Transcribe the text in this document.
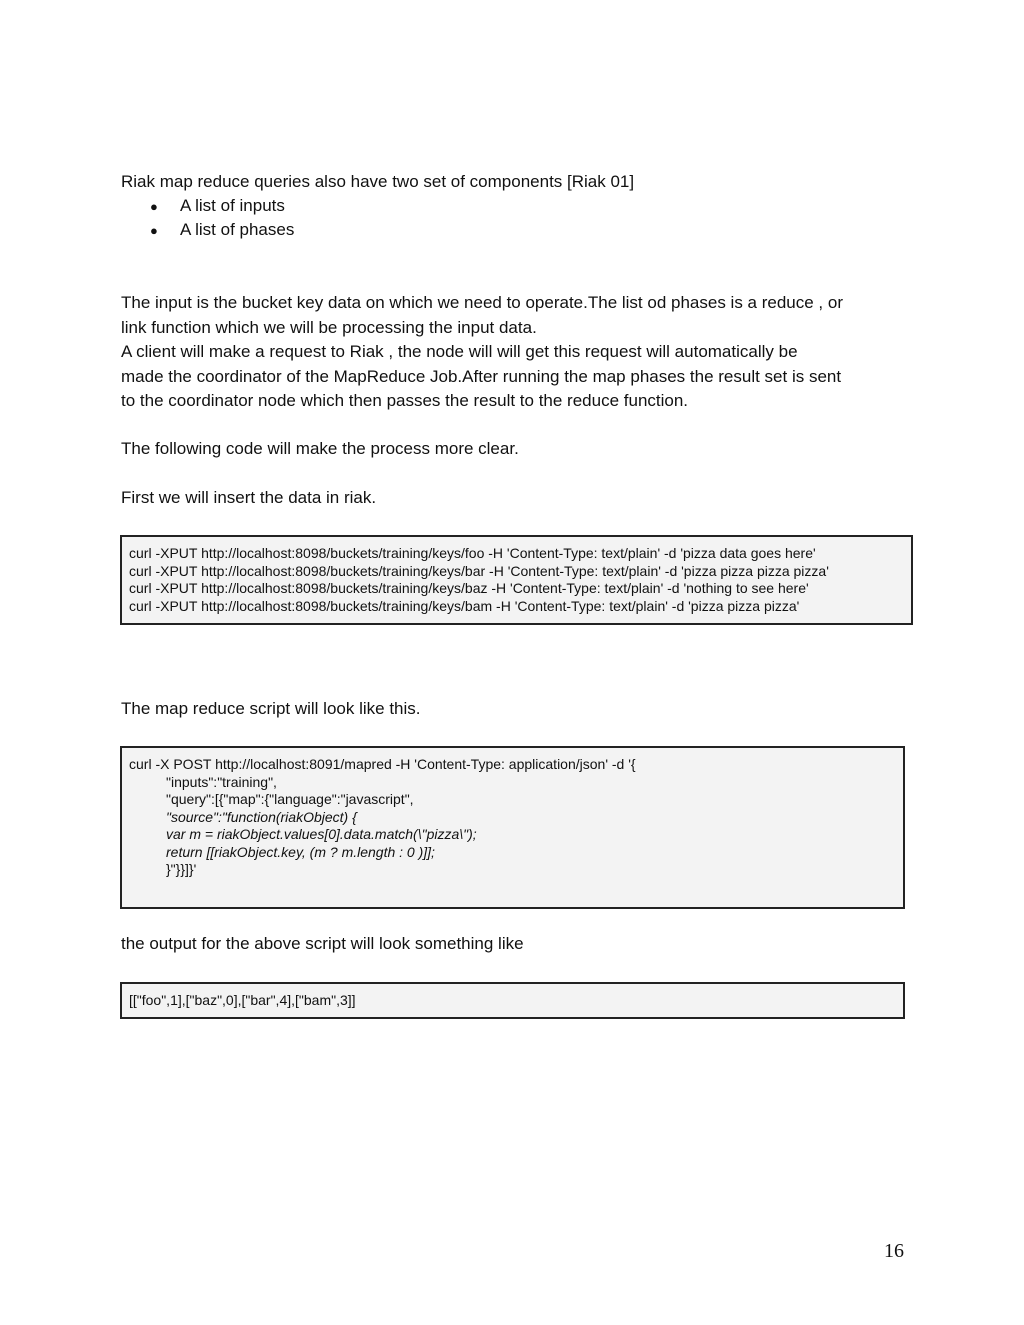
Riak map reduce queries also have two set of components [Riak 01]

● A list of inputs
● A list of phases

The input is the bucket key data on which we need to operate.The list od phases is a reduce , or

link function which we will be processing the input data.

A client will make a request to Riak , the node will will get this request will automatically be

made the coordinator of the MapReduce Job.After running the map phases the result set is sent

to the coordinator node which then passes the result to the reduce function.

The following code will make the process more clear.

First we will insert the data in riak.

curl -XPUT http://localhost:8098/buckets/training/keys/foo -H 'Content-Type: text/plain' -d 'pizza data goes here'
curl -XPUT http://localhost:8098/buckets/training/keys/bar -H 'Content-Type: text/plain' -d 'pizza pizza pizza pizza'
curl -XPUT http://localhost:8098/buckets/training/keys/baz -H 'Content-Type: text/plain' -d 'nothing to see here'
curl -XPUT http://localhost:8098/buckets/training/keys/bam -H 'Content-Type: text/plain' -d 'pizza pizza pizza'

The map reduce script will look like this.

curl -X POST http://localhost:8091/mapred -H 'Content-Type: application/json' -d '{
"inputs":"training",
"query":[{"map":{"language":"javascript",
"source":"function(riakObject) {
var m = riakObject.values[0].data.match(\"pizza\");
return [[riakObject.key, (m ? m.length : 0 )]];
}"}}]}'

the output for the above script will look something like

[["foo",1],["baz",0],["bar",4],["bam",3]]
16
